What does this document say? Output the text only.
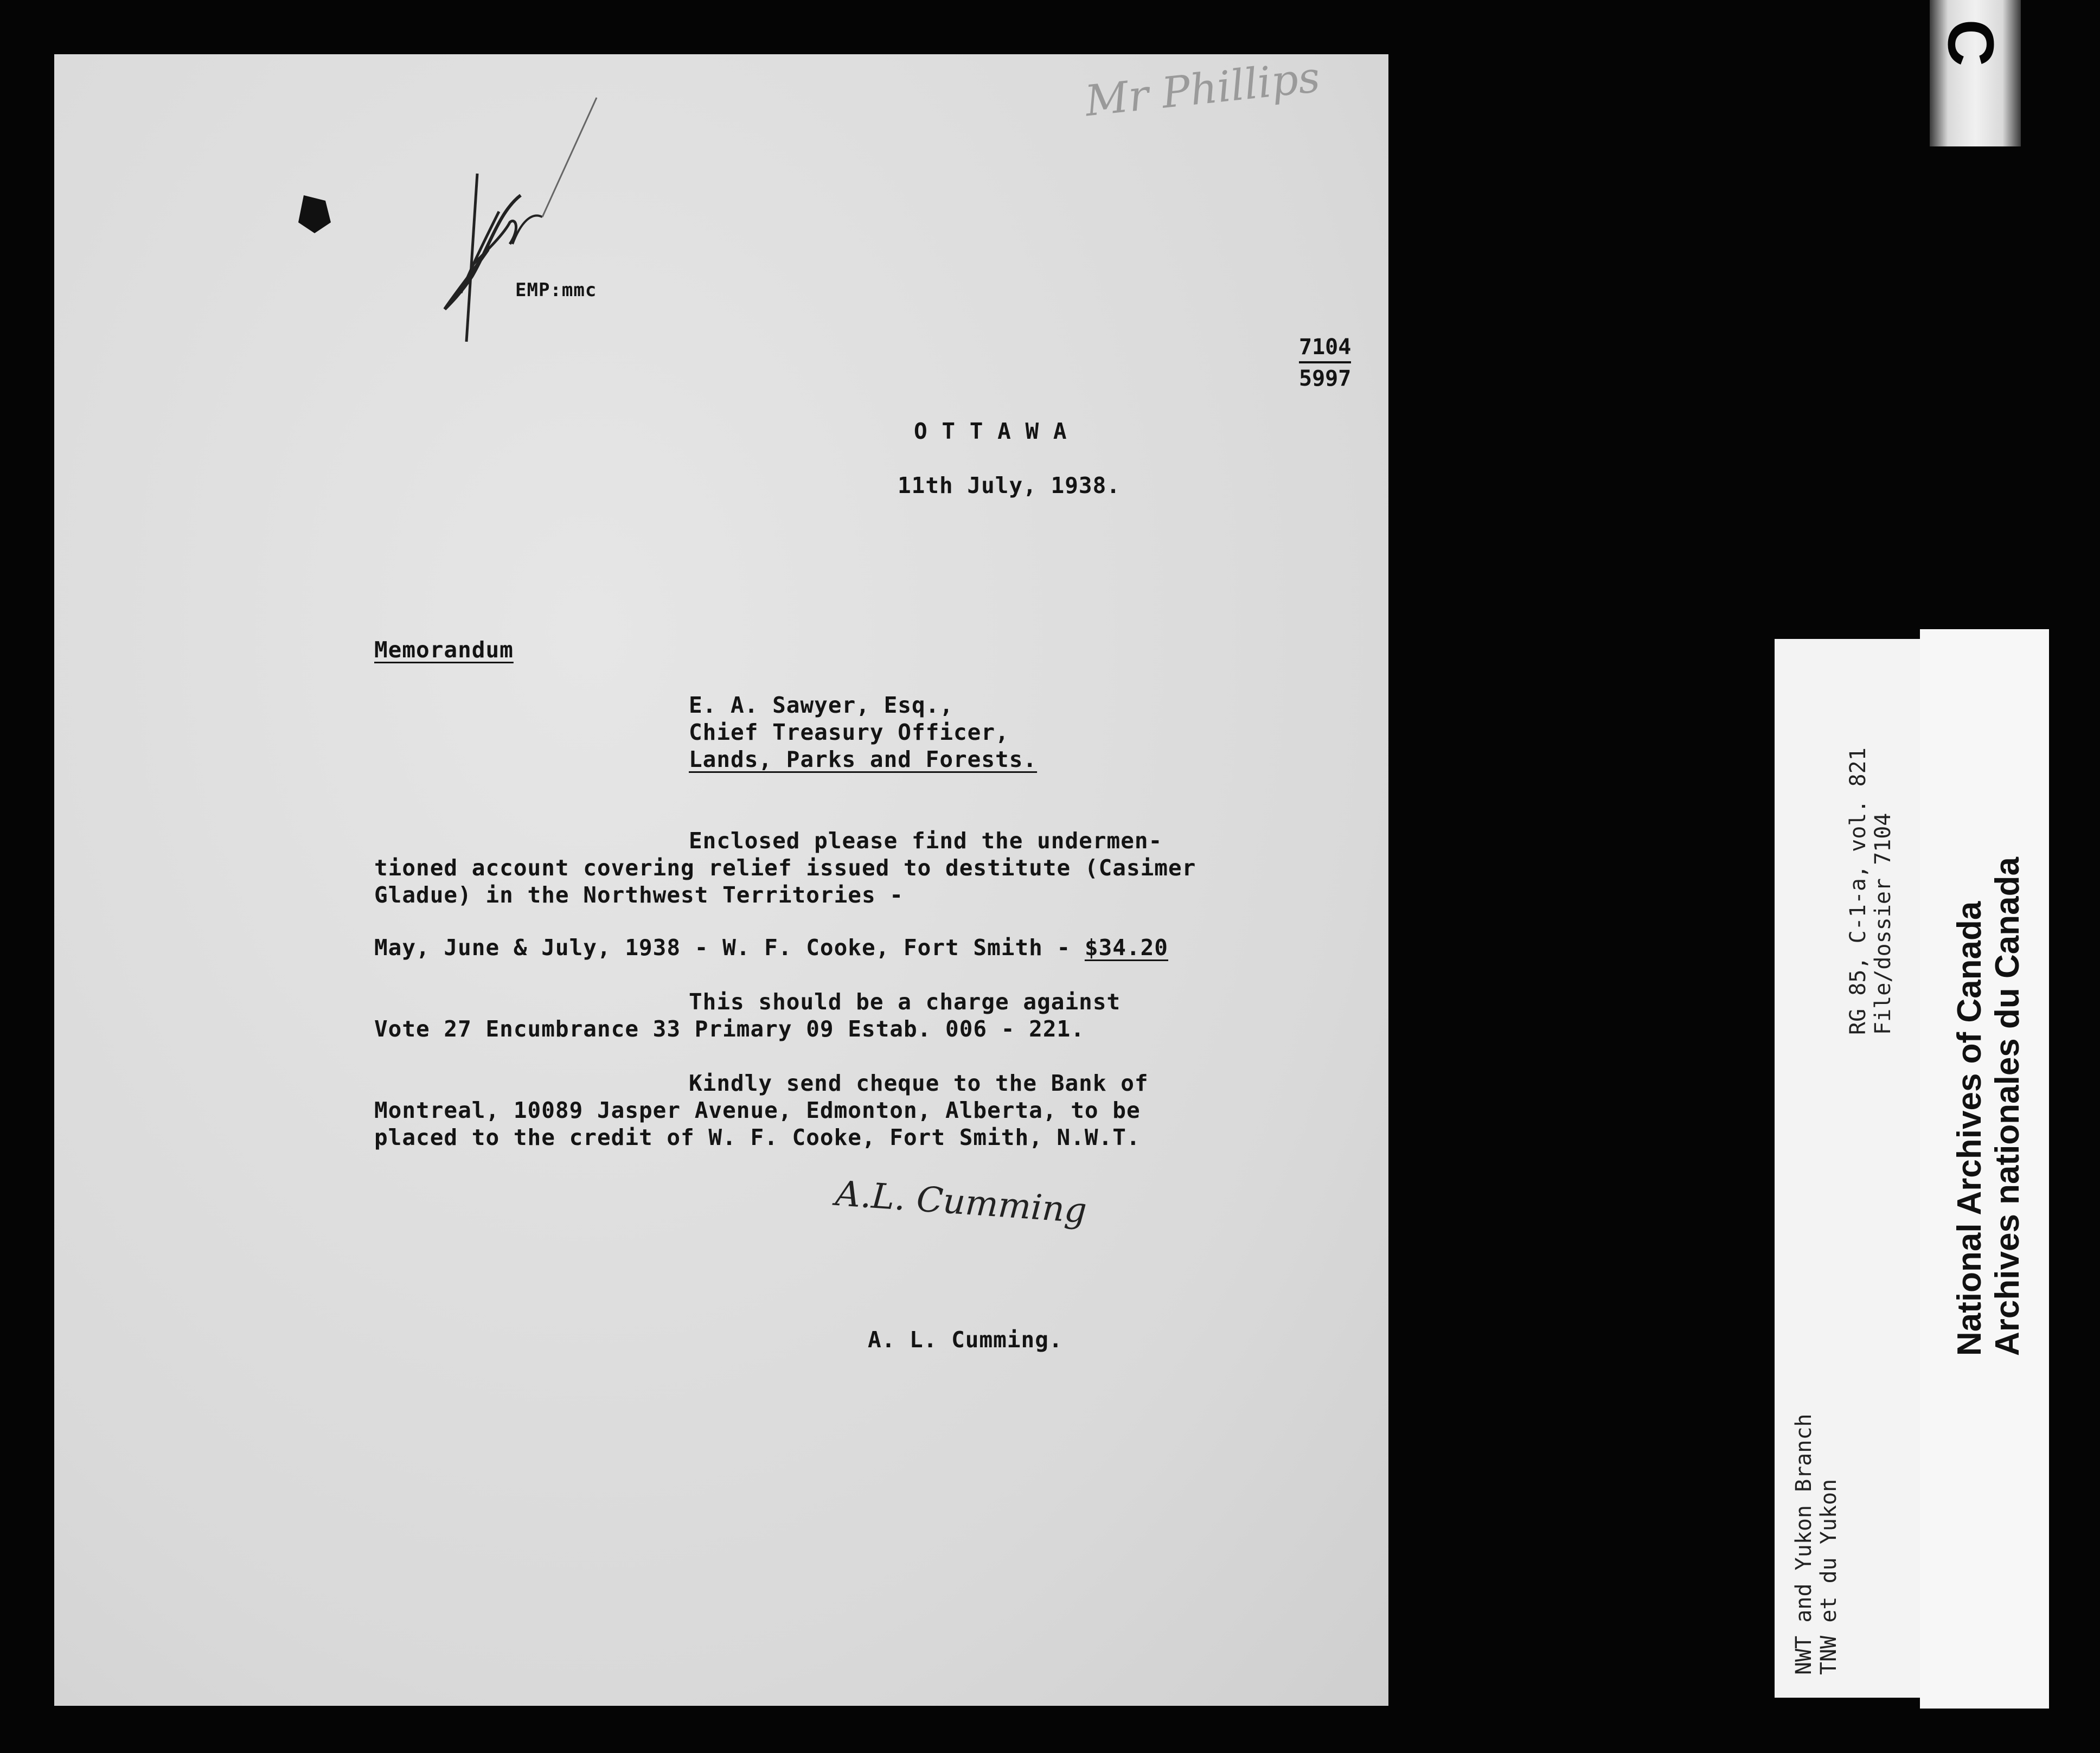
Mr Phillips
EMP:mmc
7104
5997
O T T A W A
11th July, 1938.
Memorandum
E. A. Sawyer, Esq.,
Chief Treasury Officer,
Lands, Parks and Forests.
Enclosed please find the undermen-
tioned account covering relief issued to destitute (Casimer
Gladue) in the Northwest Territories -
May, June & July, 1938 - W. F. Cooke, Fort Smith - $34.20
This should be a charge against
Vote 27 Encumbrance 33 Primary 09 Estab. 006 - 221.
Kindly send cheque to the Bank of
Montreal, 10089 Jasper Avenue, Edmonton, Alberta, to be
placed to the credit of W. F. Cooke, Fort Smith, N.W.T.
A.L. Cumming
A. L. Cumming.
C
NWT and Yukon Branch TNW et du Yukon
RG 85, C-1-a, vol. 821 File/dossier 7104 National Archives of Canada Archives nationales du Canada
